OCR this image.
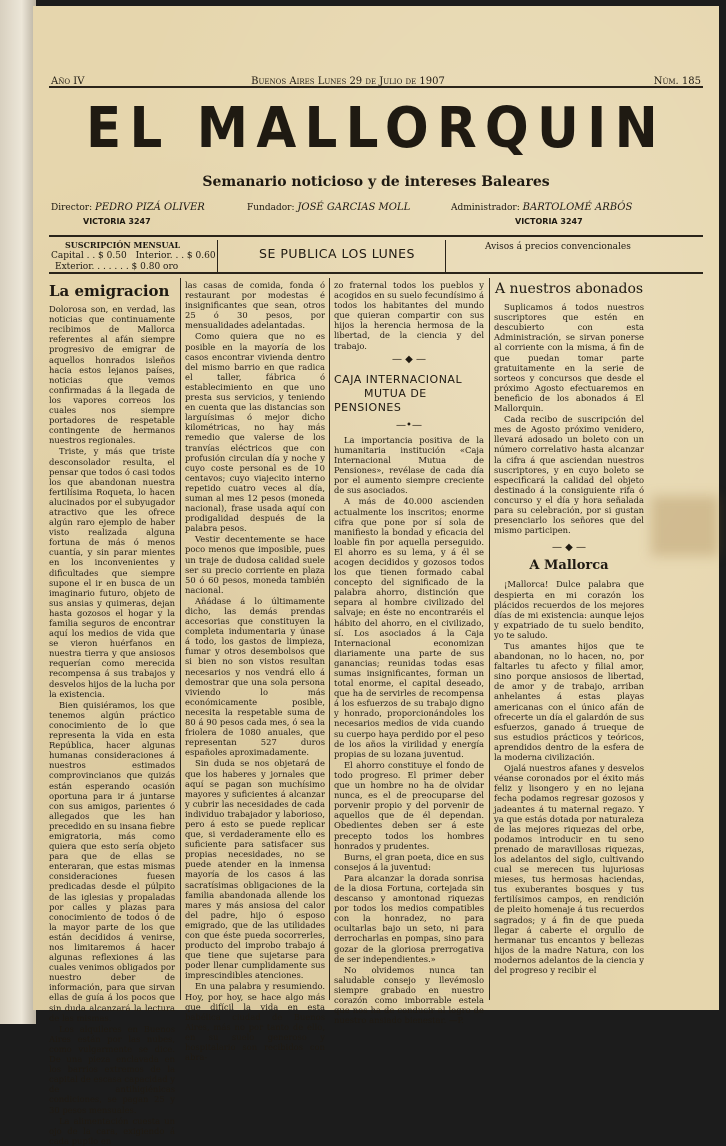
Año IV	Buenos Aires Lunes 29 de Julio de 1907	Núm. 185
EL MALLORQUIN
Semanario noticioso y de intereses Baleares
Director: PEDRO PIZÁ OLIVER
VICTORIA 3247
Fundador: JOSÉ GARCIAS MOLL	Administrador: BARTOLOMÉ ARBÓS
VICTORIA 3247
SUSCRIPCIÓN MENSUAL
Capital . . $ 0.50 Interior. . . $ 0.60
Exterior. . . . . . . $ 0.80 oro
SE PUBLICA LOS LUNES	Avisos á precios convencionales
La emigracion

Dolorosa son, en verdad, las noticias que continuamente recibimos de Mallorca referentes al afán siempre progresivo de emigrar de aquellos honrados isleños hacia estos lejanos países, noticias que vemos confirmadas á la llegada de los vapores correos los cuales nos siempre portadores de respetable contingente de hermanos nuestros regionales.

Triste, y más que triste desconsolador resulta, el pensar que todos ó casi todos los que abandonan nuestra fertilísima Roqueta, lo hacen alucinados por el subyugador atractivo que les ofrece algún raro ejemplo de haber visto realizada alguna fortuna de más ó menos cuantía, y sin parar mientes en los inconvenientes y dificultades que siempre supone el ir en busca de un imaginario futuro, objeto de sus ansias y quimeras, dejan hasta gozosos el hogar y la familia seguros de encontrar aquí los medios de vida que se vieron huérfanos en nuestra tierra y que ansiosos requerían como merecida recompensa á sus trabajos y desvelos hijos de la lucha por la existencia.

Bien quisiéramos, los que tenemos algún práctico conocimiento de lo que representa la vida en esta República, hacer algunas humanas consideraciones á nuestros estimados comprovincianos que quizás están esperando ocasión oportuna para ir á juntarse con sus amigos, parientes ó allegados que les han precedido en su insana fiebre emigratoria, más como quiera que esto sería objeto para que de ellas se enteraran, que estas mismas consideraciones fuesen predicadas desde el púlpito de las iglesias y propaladas por calles y plazas para conocimiento de todos ó de la mayor parte de los que están decididos á venirse, nos limitaremos á hacer algunas reflexiones á las cuales venimos obligados por nuestro deber de información, para que sirvan ellas de guía á los pocos que sin duda alcanzará la lectura de las mismas.

Los alquileres en Buenos Aires están por las nubes, como vulgarmente se dice. De una pieza enclavada en los barrios extremos de la capital de escasa capacidad y de antihigiénicas condiciones, se pagan 25 y 30 pesos mensuales.

La alimentación cuesta un ojo de la cara, exigiendo á cada pupilo en

las casas de comida, fonda ó restaurant por modestas é insignificantes que sean, otros 25 ó 30 pesos, por mensualidades adelantadas.

Como quiera que no es posible en la mayoría de los casos encontrar vivienda dentro del mismo barrio en que radica el taller, fábrica ó establecimiento en que uno presta sus servicios, y teniendo en cuenta que las distancias son larguísimas ó mejor dicho kilométricas, no hay más remedio que valerse de los tranvías eléctricos que con profusión circulan día y noche y cuyo coste personal es de 10 centavos; cuyo viajecito interno repetido cuatro veces al día, suman al mes 12 pesos (moneda nacional), frase usada aquí con prodigalidad después de la palabra pesos.

Vestir decentemente se hace poco menos que imposible, pues un traje de dudosa calidad suele ser su precio corriente en plaza 50 ó 60 pesos, moneda también nacional.

Añádase á lo últimamente dicho, las demás prendas accesorias que constituyen la completa indumentaria y únase á todo, los gastos de limpieza, fumar y otros desembolsos que si bien no son vistos resultan necesarios y nos vendrá ello á demostrar que una sola persona viviendo lo más económicamente posible, necesita la respetable suma de 80 á 90 pesos cada mes, ó sea la friolera de 1080 anuales, que representan 527 duros españoles aproximadamente.

Sin duda se nos objetará de que los haberes y jornales que aquí se pagan son muchísimo mayores y suficientes á alcanzar y cubrir las necesidades de cada individuo trabajador y laborioso, pero á esto se puede replicar que, si verdaderamente ello es suficiente para satisfacer sus propias necesidades, no se puede atender en la inmensa mayoría de los casos á las sacratísimas obligaciones de la familia abandonada allende los mares y más ansiosa del calor del padre, hijo ó esposo emigrado, que de las utilidades con que éste pueda socorrerles, producto del improbo trabajo á que tiene que sujetarse para poder llenar cumplidamente sus imprescindibles atenciones.

En una palabra y resumiendo. Hoy, por hoy, se hace algo más que difícil la vida en esta babélica ciudad de Buenos Aires, más no por tanto de ello, en su suelo generoso y hospitalario son recibidos con abra-

zo fraternal todos los pueblos y acogidos en su suelo fecundísimo á todos los habitantes del mundo que quieran compartir con sus hijos la herencia hermosa de la libertad, de la ciencia y del trabajo.

— ◆ —
CAJA INTERNACIONAL
MUTUA DE PENSIONES
—•—

La importancia positiva de la humanitaria institución «Caja Internacional Mutua de Pensiones», revélase de cada día por el aumento siempre creciente de sus asociados.

A más de 40.000 ascienden actualmente los inscritos; enorme cifra que pone por sí sola de manifiesto la bondad y eficacia del loable fin por aquella perseguido. El ahorro es su lema, y á él se acogen decididos y gozosos todos los que tienen formado cabal concepto del significado de la palabra ahorro, distinción que separa al hombre civilizado del salvaje; en éste no encontraréis el hábito del ahorro, en el civilizado, sí. Los asociados á la Caja Internacional economizan diariamente una parte de sus ganancias; reunidas todas esas sumas insignificantes, forman un total enorme, el capital deseado, que ha de servirles de recompensa á los esfuerzos de su trabajo digno y honrado, proporcionándoles los necesarios medios de vida cuando su cuerpo haya perdido por el peso de los años la virilidad y energía propias de su lozana juventud.

El ahorro constituye el fondo de todo progreso. El primer deber que un hombre no ha de olvidar nunca, es el de preocuparse del porvenir propio y del porvenir de aquellos que de él dependan. Obedientes deben ser á este precepto todos los hombres honrados y prudentes.

Burns, el gran poeta, dice en sus consejos á la juventud:

Para alcanzar la dorada sonrisa de la diosa Fortuna, cortejada sin descanso y amontonad riquezas por todos los medios compatibles con la honradez, no para ocultarlas bajo un seto, ni para derrocharlas en pompas, sino para gozar de la gloriosa prerrogativa de ser independientes.»

No olvidemos nunca tan saludable consejo y llevémoslo siempre grabado en nuestro corazón como imborrable estela que nos ha de conducir al logro de nuestro ansiado bienestar. —P.

A nuestros abonados

Suplicamos á todos nuestros suscriptores que estén en descubierto con esta Administración, se sirvan ponerse al corriente con la misma, á fin de que puedan tomar parte gratuitamente en la serie de sorteos y concursos que desde el próximo Agosto efectuaremos en beneficio de los abonados á El Mallorquin.

Cada recibo de suscripción del mes de Agosto próximo venidero, llevará adosado un boleto con un número correlativo hasta alcanzar la cifra á que asciendan nuestros suscriptores, y en cuyo boleto se especificará la calidad del objeto destinado á la consiguiente rifa ó concurso y el día y hora señalada para su celebración, por si gustan presenciarlo los señores que del mismo participen.

— ◆ —
A Mallorca

¡Mallorca! Dulce palabra que despierta en mi corazón los plácidos recuerdos de los mejores días de mi existencia: aunque lejos y expatriado de tu suelo bendito, yo te saludo.

Tus amantes hijos que te abandonan, no lo hacen, no, por faltarles tu afecto y filial amor, sino porque ansiosos de libertad, de amor y de trabajo, arriban anhelantes á estas playas americanas con el único afán de ofrecerte un día el galardón de sus esfuerzos, ganado á trueque de sus estudios prácticos y teóricos, aprendidos dentro de la esfera de la moderna civilización.

Ojalá nuestros afanes y desvelos véanse coronados por el éxito más feliz y lisongero y en no lejana fecha podamos regresar gozosos y jadeantes á tu maternal regazo. Y ya que estás dotada por naturaleza de las mejores riquezas del orbe, podamos introducir en tu seno prenado de maravillosas riquezas, los adelantos del siglo, cultivando cual se merecen tus lujuriosas mieses, tus hermosas haciendas, tus exuberantes bosques y tus fertilísimos campos, en rendición de pleito homenaje á tus recuerdos sagrados; y á fin de que pueda llegar á caberte el orgullo de hermanar tus encantos y bellezas hijos de la madre Natura, con los modernos adelantos de la ciencia y del progreso y recibir el
